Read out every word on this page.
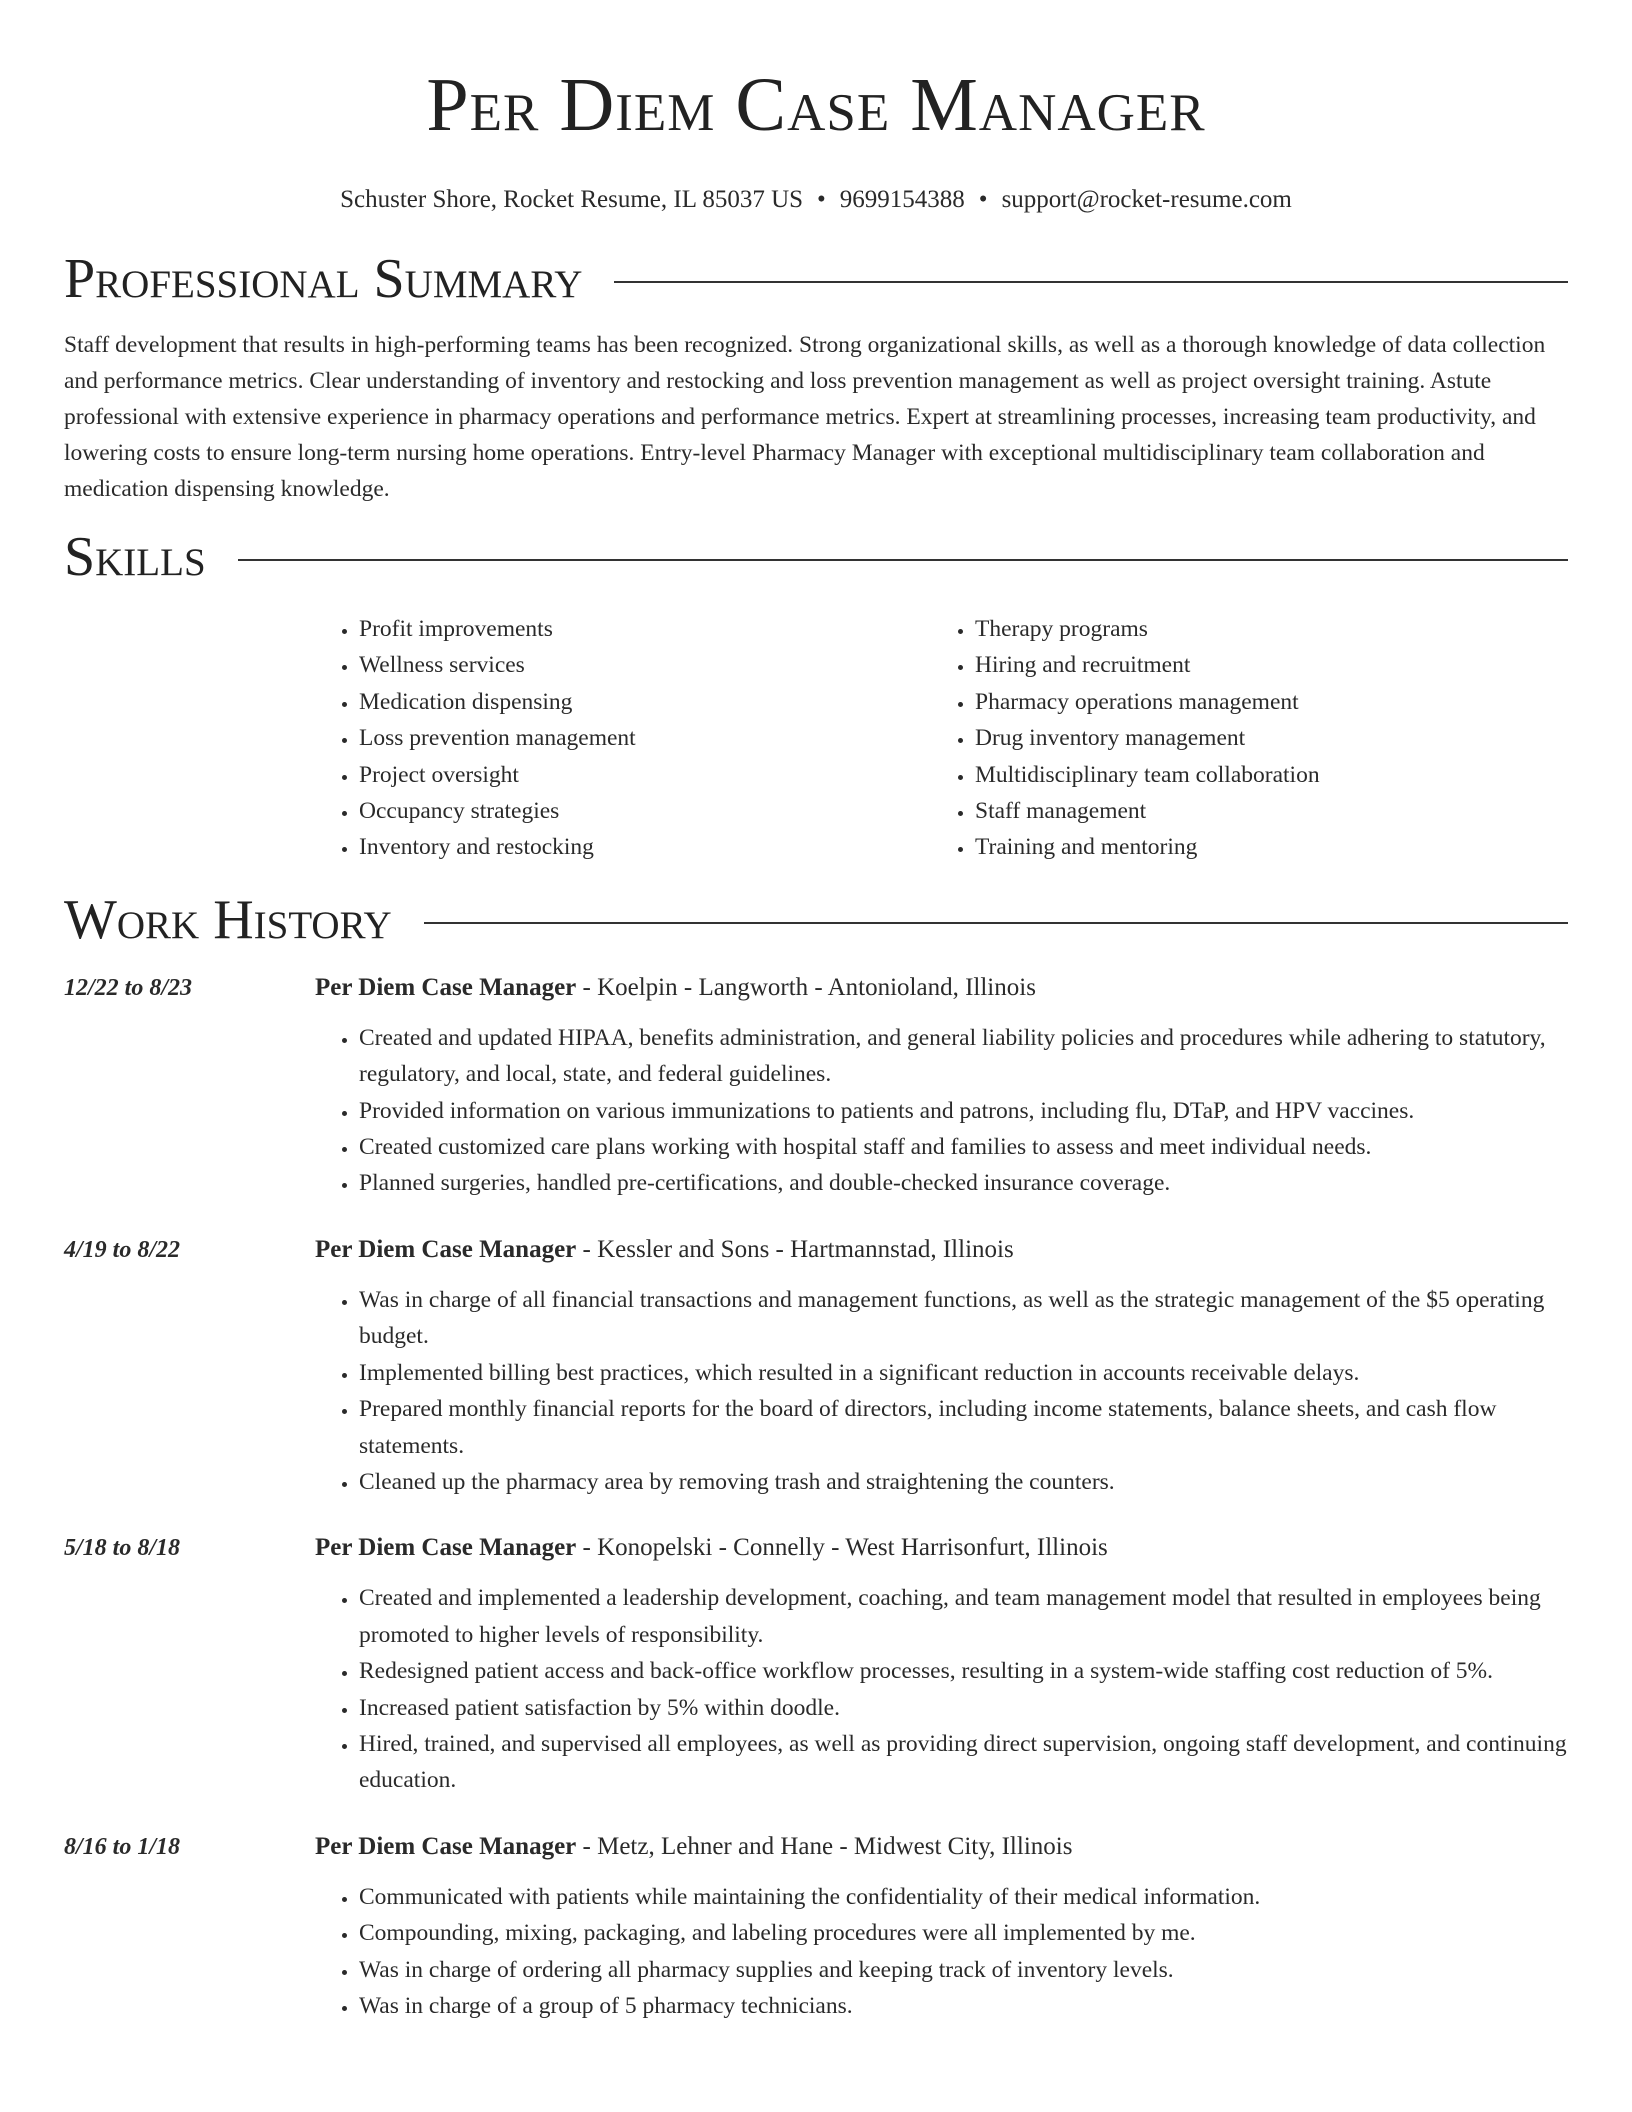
Per Diem Case Manager
Schuster Shore, Rocket Resume, IL 85037 US • 9699154388 • support@rocket-resume.com
Professional Summary

Staff development that results in high-performing teams has been recognized. Strong organizational skills, as well as a thorough knowledge of data collection and performance metrics. Clear understanding of inventory and restocking and loss prevention management as well as project oversight training. Astute professional with extensive experience in pharmacy operations and performance metrics. Expert at streamlining processes, increasing team productivity, and lowering costs to ensure long-term nursing home operations. Entry-level Pharmacy Manager with exceptional multidisciplinary team collaboration and medication dispensing knowledge.

Skills
• Profit improvements
• Wellness services
• Medication dispensing
• Loss prevention management
• Project oversight
• Occupancy strategies
• Inventory and restocking
• Therapy programs
• Hiring and recruitment
• Pharmacy operations management
• Drug inventory management
• Multidisciplinary team collaboration
• Staff management
• Training and mentoring
Work History
12/22 to 8/23	Per Diem Case Manager - Koelpin - Langworth - Antonioland, Illinois
• Created and updated HIPAA, benefits administration, and general liability policies and procedures while adhering to statutory, regulatory, and local, state, and federal guidelines.
• Provided information on various immunizations to patients and patrons, including flu, DTaP, and HPV vaccines.
• Created customized care plans working with hospital staff and families to assess and meet individual needs.
• Planned surgeries, handled pre-certifications, and double-checked insurance coverage.
4/19 to 8/22	Per Diem Case Manager - Kessler and Sons - Hartmannstad, Illinois
• Was in charge of all financial transactions and management functions, as well as the strategic management of the $5 operating budget.
• Implemented billing best practices, which resulted in a significant reduction in accounts receivable delays.
• Prepared monthly financial reports for the board of directors, including income statements, balance sheets, and cash flow statements.
• Cleaned up the pharmacy area by removing trash and straightening the counters.
5/18 to 8/18	Per Diem Case Manager - Konopelski - Connelly - West Harrisonfurt, Illinois
• Created and implemented a leadership development, coaching, and team management model that resulted in employees being promoted to higher levels of responsibility.
• Redesigned patient access and back-office workflow processes, resulting in a system-wide staffing cost reduction of 5%.
• Increased patient satisfaction by 5% within doodle.
• Hired, trained, and supervised all employees, as well as providing direct supervision, ongoing staff development, and continuing education.
8/16 to 1/18	Per Diem Case Manager - Metz, Lehner and Hane - Midwest City, Illinois
• Communicated with patients while maintaining the confidentiality of their medical information.
• Compounding, mixing, packaging, and labeling procedures were all implemented by me.
• Was in charge of ordering all pharmacy supplies and keeping track of inventory levels.
• Was in charge of a group of 5 pharmacy technicians.
